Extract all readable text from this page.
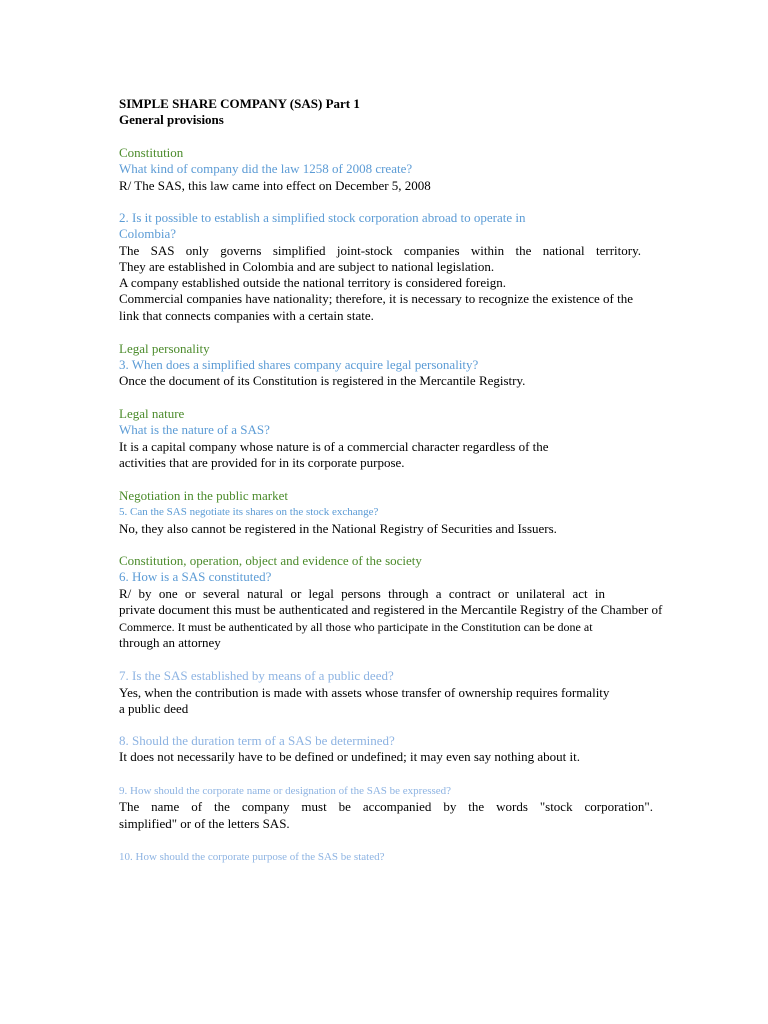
SIMPLE SHARE COMPANY (SAS) Part 1
General provisions
Constitution
What kind of company did the law 1258 of 2008 create?
R/ The SAS, this law came into effect on December 5, 2008
2. Is it possible to establish a simplified stock corporation abroad to operate in
Colombia?
The SAS only governs simplified joint-stock companies within the national territory.
They are established in Colombia and are subject to national legislation.
A company established outside the national territory is considered foreign.
Commercial companies have nationality; therefore, it is necessary to recognize the existence of the
link that connects companies with a certain state.
Legal personality
3. When does a simplified shares company acquire legal personality?
Once the document of its Constitution is registered in the Mercantile Registry.
Legal nature
What is the nature of a SAS?
It is a capital company whose nature is of a commercial character regardless of the
activities that are provided for in its corporate purpose.
Negotiation in the public market
5. Can the SAS negotiate its shares on the stock exchange?
No, they also cannot be registered in the National Registry of Securities and Issuers.
Constitution, operation, object and evidence of the society
6. How is a SAS constituted?
R/ by one or several natural or legal persons through a contract or unilateral act in
private document this must be authenticated and registered in the Mercantile Registry of the Chamber of
Commerce. It must be authenticated by all those who participate in the Constitution can be done at
through an attorney
7. Is the SAS established by means of a public deed?
Yes, when the contribution is made with assets whose transfer of ownership requires formality
a public deed
8. Should the duration term of a SAS be determined?
It does not necessarily have to be defined or undefined; it may even say nothing about it.
9. How should the corporate name or designation of the SAS be expressed?
The name of the company must be accompanied by the words "stock corporation".
simplified" or of the letters SAS.
10. How should the corporate purpose of the SAS be stated?
